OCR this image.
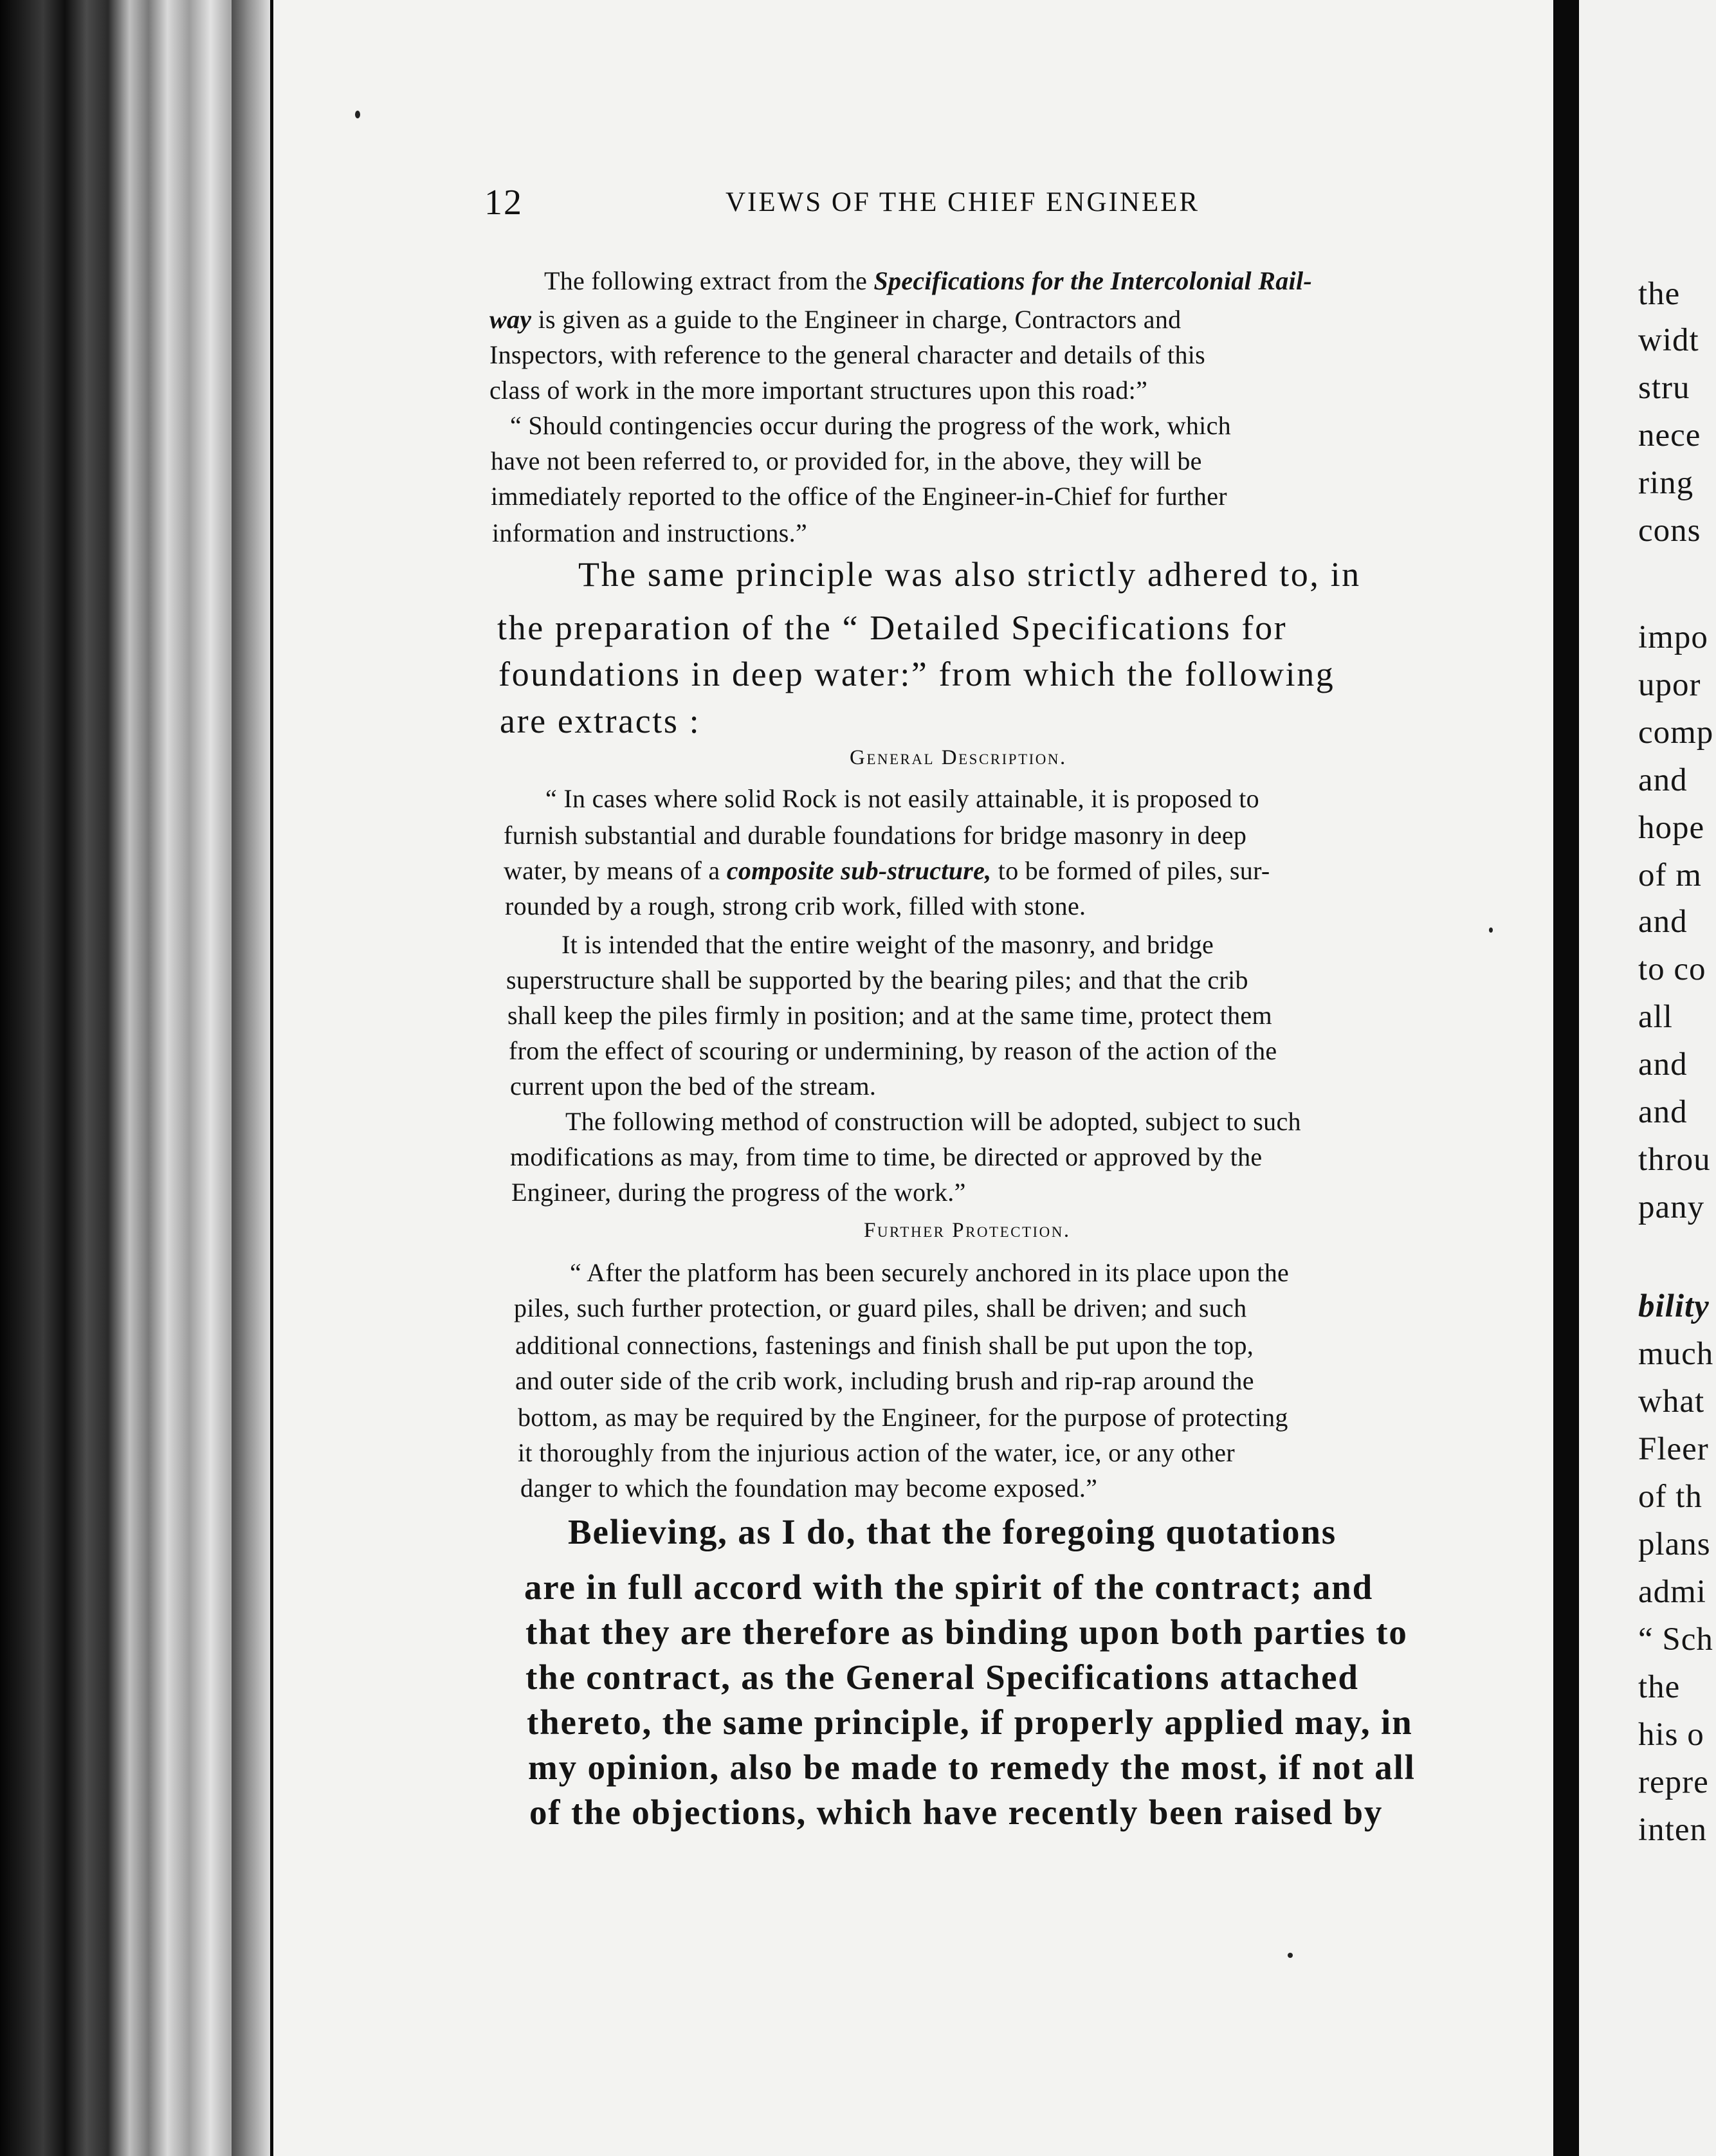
12	VIEWS OF THE CHIEF ENGINEER
The following extract from the Specifications for the Intercolonial Rail-
way is given as a guide to the Engineer in charge, Contractors and
Inspectors, with reference to the general character and details of this
class of work in the more important structures upon this road:”
“ Should contingencies occur during the progress of the work, which
have not been referred to, or provided for, in the above, they will be
immediately reported to the office of the Engineer-in-Chief for further
information and instructions.”
The same principle was also strictly adhered to, in
the preparation of the “ Detailed Specifications for
foundations in deep water:” from which the following
are extracts :
General Description.
“ In cases where solid Rock is not easily attainable, it is proposed to
furnish substantial and durable foundations for bridge masonry in deep
water, by means of a composite sub-structure, to be formed of piles, sur-
rounded by a rough, strong crib work, filled with stone.
It is intended that the entire weight of the masonry, and bridge
superstructure shall be supported by the bearing piles; and that the crib
shall keep the piles firmly in position; and at the same time, protect them
from the effect of scouring or undermining, by reason of the action of the
current upon the bed of the stream.
The following method of construction will be adopted, subject to such
modifications as may, from time to time, be directed or approved by the
Engineer, during the progress of the work.”
Further Protection.
“ After the platform has been securely anchored in its place upon the
piles, such further protection, or guard piles, shall be driven; and such
additional connections, fastenings and finish shall be put upon the top,
and outer side of the crib work, including brush and rip-rap around the
bottom, as may be required by the Engineer, for the purpose of protecting
it thoroughly from the injurious action of the water, ice, or any other
danger to which the foundation may become exposed.”
Believing, as I do, that the foregoing quotations
are in full accord with the spirit of the contract; and
that they are therefore as binding upon both parties to
the contract, as the General Specifications attached
thereto, the same principle, if properly applied may, in
my opinion, also be made to remedy the most, if not all
of the objections, which have recently been raised by
the
widt
stru
nece
ring
cons
impo
upor
comp
and
hope
of m
and
to co
all
and
and
throu
pany
bility
much
what
Fleer
of th
plans
admi
“ Sch
the
his o
repre
inten
